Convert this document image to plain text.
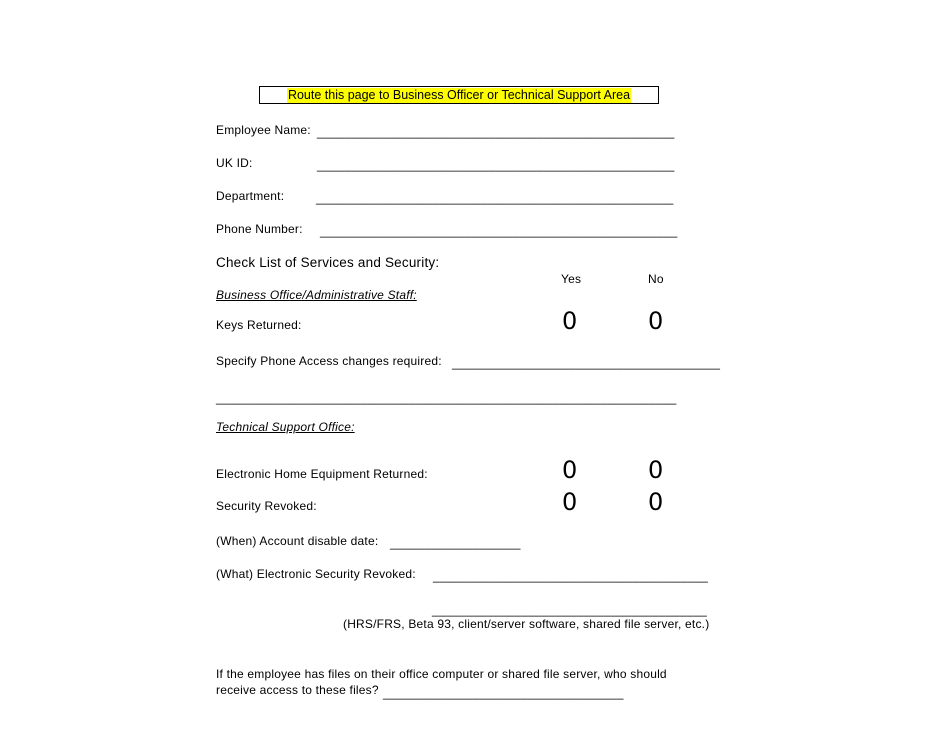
Route this page to Business Officer or Technical Support Area
Employee Name: ____________________________________________________
UK ID:	____________________________________________________
Department:	____________________________________________________
Phone Number: ____________________________________________________
Check List of Services and Security:
Yes	No
Business Office/Administrative Staff:
Keys Returned:	0	0
Specify Phone Access changes required: _______________________________________
___________________________________________________________________
Technical Support Office:
Electronic Home Equipment Returned:	0	0
Security Revoked:	0	0
(When) Account disable date: ___________________
(What) Electronic Security Revoked: ________________________________________
________________________________________
(HRS/FRS, Beta 93, client/server software, shared file server, etc.)
If the employee has files on their office computer or shared file server, who should
receive access to these files? ___________________________________
